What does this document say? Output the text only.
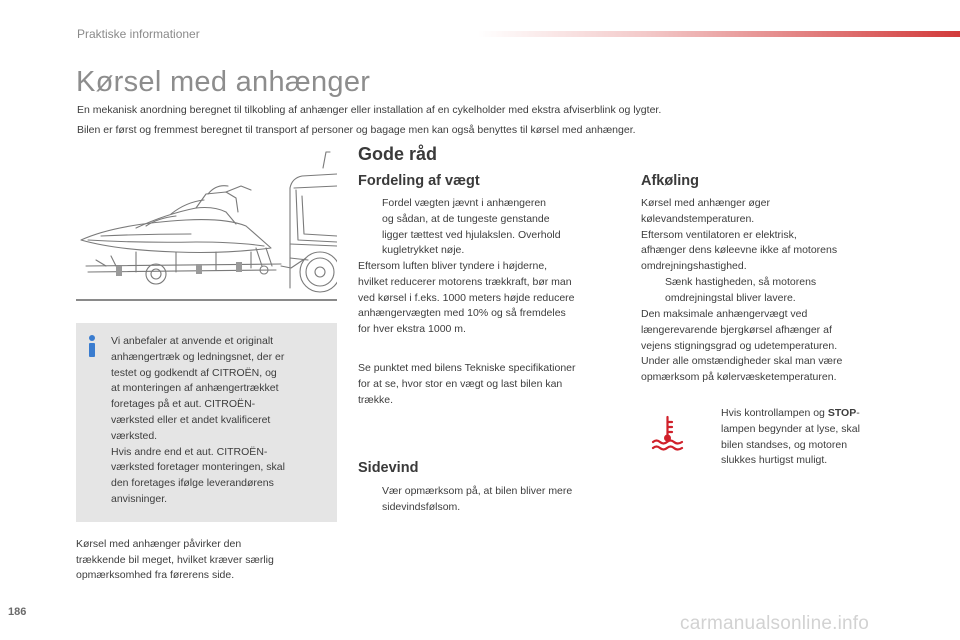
Praktiske informationer
Kørsel med anhænger
En mekanisk anordning beregnet til tilkobling af anhænger eller installation af en cykelholder med ekstra afviserblink og lygter.
Bilen er først og fremmest beregnet til transport af personer og bagage men kan også benyttes til kørsel med anhænger.
Vi anbefaler at anvende et originalt
anhængertræk og ledningsnet, der er
testet og godkendt af CITROËN, og
at monteringen af anhængertrækket
foretages på et aut. CITROËN-
værksted eller et andet kvalificeret
værksted.
Hvis andre end et aut. CITROËN-
værksted foretager monteringen, skal
den foretages ifølge leverandørens
anvisninger.
Kørsel med anhænger påvirker den
trækkende bil meget, hvilket kræver særlig
opmærksomhed fra førerens side.
Gode råd
Fordeling af vægt
Fordel vægten jævnt i anhængeren
og sådan, at de tungeste genstande
ligger tættest ved hjulakslen. Overhold
kugletrykket nøje.
Eftersom luften bliver tyndere i højderne,
hvilket reducerer motorens trækkraft, bør man
ved kørsel i f.eks. 1000 meters højde reducere
anhængervægten med 10% og så fremdeles
for hver ekstra 1000 m.
Se punktet med bilens Tekniske specifikationer
for at se, hvor stor en vægt og last bilen kan
trække.
Afkøling
Kørsel med anhænger øger
kølevandstemperaturen.
Eftersom ventilatoren er elektrisk,
afhænger dens køleevne ikke af motorens
omdrejningshastighed.
Sænk hastigheden, så motorens
omdrejningstal bliver lavere.
Den maksimale anhængervægt ved
længerevarende bjergkørsel afhænger af
vejens stigningsgrad og udetemperaturen.
Under alle omstændigheder skal man være
opmærksom på kølervæsketemperaturen.
Hvis kontrollampen og STOP-
lampen begynder at lyse, skal
bilen standses, og motoren
slukkes hurtigst muligt.
Sidevind
Vær opmærksom på, at bilen bliver mere
sidevindsfølsom.
186
carmanualsonline.info
